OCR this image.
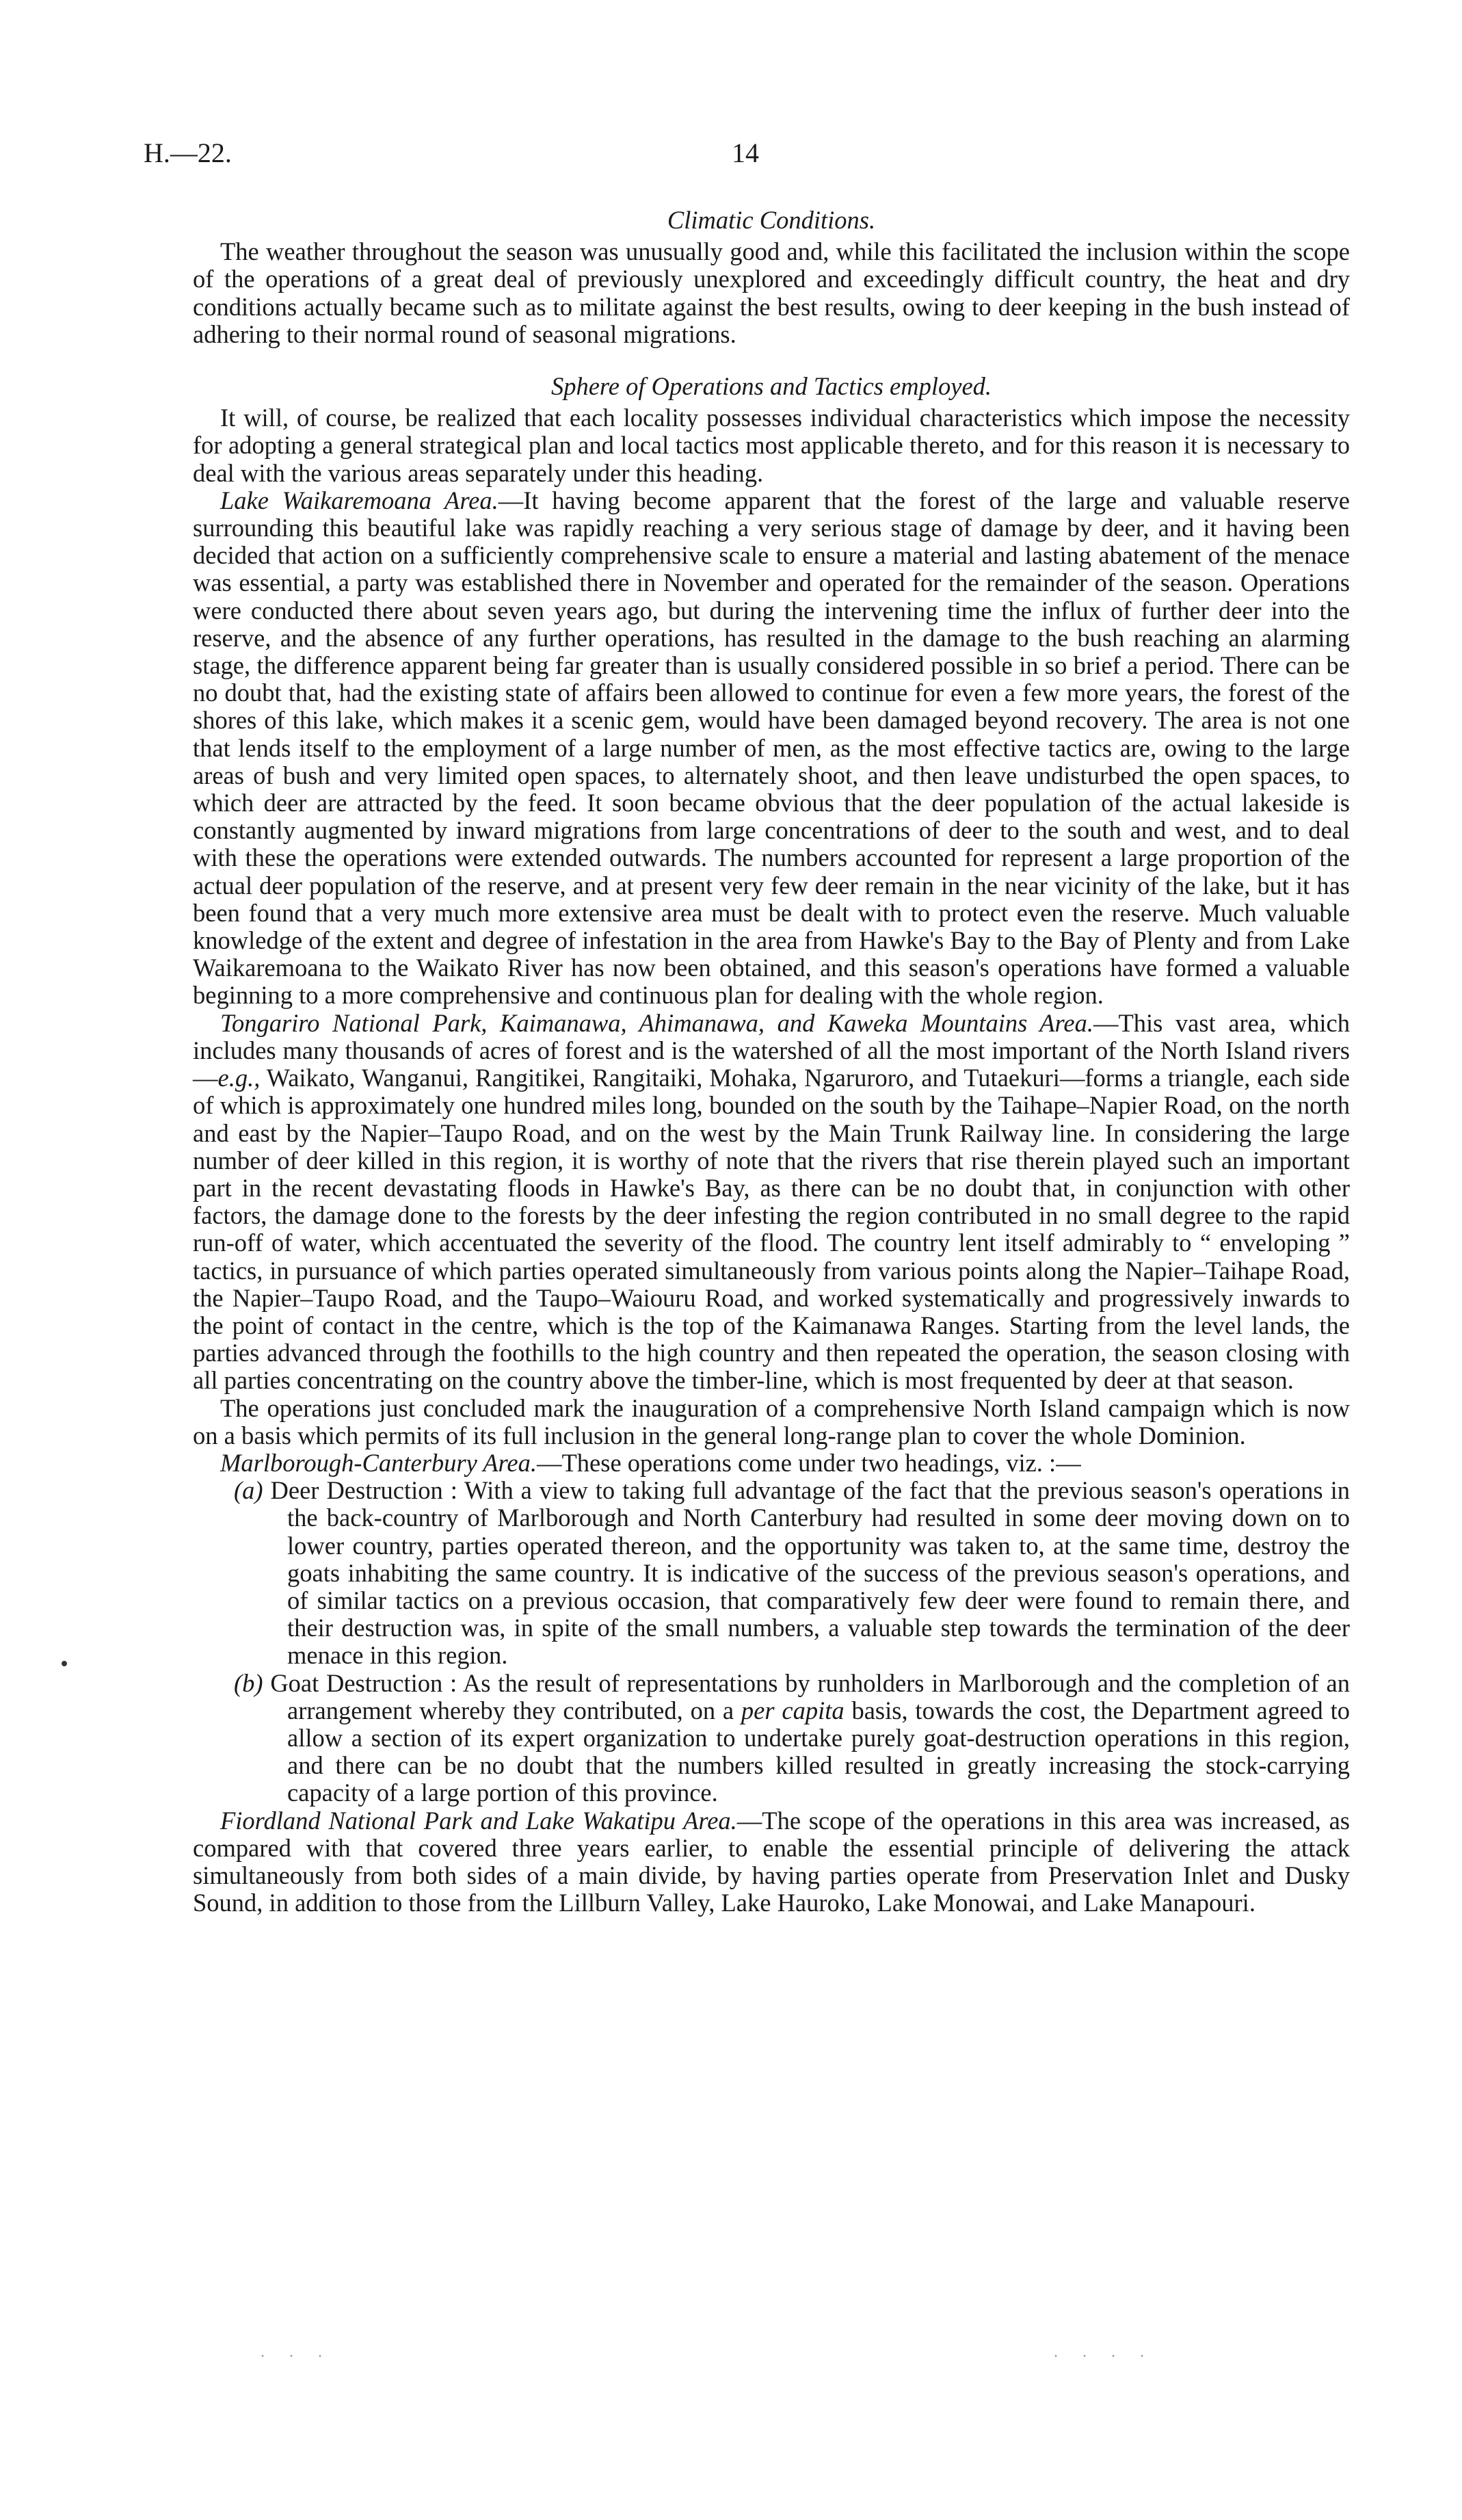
H.—22.	14
Climatic Conditions.

The weather throughout the season was unusually good and, while this facilitated the inclusion within the scope of the operations of a great deal of previously unexplored and exceedingly difficult country, the heat and dry conditions actually became such as to militate against the best results, owing to deer keeping in the bush instead of adhering to their normal round of seasonal migrations.

Sphere of Operations and Tactics employed.

It will, of course, be realized that each locality possesses individual characteristics which impose the necessity for adopting a general strategical plan and local tactics most applicable thereto, and for this reason it is necessary to deal with the various areas separately under this heading.

Lake Waikaremoana Area.—It having become apparent that the forest of the large and valuable reserve surrounding this beautiful lake was rapidly reaching a very serious stage of damage by deer, and it having been decided that action on a sufficiently comprehensive scale to ensure a material and lasting abatement of the menace was essential, a party was established there in November and operated for the remainder of the season. Operations were conducted there about seven years ago, but during the intervening time the influx of further deer into the reserve, and the absence of any further operations, has resulted in the damage to the bush reaching an alarming stage, the difference apparent being far greater than is usually considered possible in so brief a period. There can be no doubt that, had the existing state of affairs been allowed to continue for even a few more years, the forest of the shores of this lake, which makes it a scenic gem, would have been damaged beyond recovery. The area is not one that lends itself to the employment of a large number of men, as the most effective tactics are, owing to the large areas of bush and very limited open spaces, to alternately shoot, and then leave undisturbed the open spaces, to which deer are attracted by the feed. It soon became obvious that the deer population of the actual lakeside is constantly augmented by inward migrations from large concentrations of deer to the south and west, and to deal with these the operations were extended outwards. The numbers accounted for represent a large proportion of the actual deer population of the reserve, and at present very few deer remain in the near vicinity of the lake, but it has been found that a very much more extensive area must be dealt with to protect even the reserve. Much valuable knowledge of the extent and degree of infestation in the area from Hawke's Bay to the Bay of Plenty and from Lake Waikaremoana to the Waikato River has now been obtained, and this season's operations have formed a valuable beginning to a more comprehensive and continuous plan for dealing with the whole region.

Tongariro National Park, Kaimanawa, Ahimanawa, and Kaweka Mountains Area.—This vast area, which includes many thousands of acres of forest and is the watershed of all the most important of the North Island rivers—e.g., Waikato, Wanganui, Rangitikei, Rangitaiki, Mohaka, Ngaruroro, and Tutaekuri—forms a triangle, each side of which is approximately one hundred miles long, bounded on the south by the Taihape–Napier Road, on the north and east by the Napier–Taupo Road, and on the west by the Main Trunk Railway line. In considering the large number of deer killed in this region, it is worthy of note that the rivers that rise therein played such an important part in the recent devastating floods in Hawke's Bay, as there can be no doubt that, in conjunction with other factors, the damage done to the forests by the deer infesting the region contributed in no small degree to the rapid run-off of water, which accentuated the severity of the flood. The country lent itself admirably to “ enveloping ” tactics, in pursuance of which parties operated simultaneously from various points along the Napier–Taihape Road, the Napier–Taupo Road, and the Taupo–Waiouru Road, and worked systematically and progressively inwards to the point of contact in the centre, which is the top of the Kaimanawa Ranges. Starting from the level lands, the parties advanced through the foothills to the high country and then repeated the operation, the season closing with all parties concentrating on the country above the timber-line, which is most frequented by deer at that season.

The operations just concluded mark the inauguration of a comprehensive North Island campaign which is now on a basis which permits of its full inclusion in the general long-range plan to cover the whole Dominion.

Marlborough-Canterbury Area.—These operations come under two headings, viz. :—

(a) Deer Destruction : With a view to taking full advantage of the fact that the previous season's operations in the back-country of Marlborough and North Canterbury had resulted in some deer moving down on to lower country, parties operated thereon, and the opportunity was taken to, at the same time, destroy the goats inhabiting the same country. It is indicative of the success of the previous season's operations, and of similar tactics on a previous occasion, that comparatively few deer were found to remain there, and their destruction was, in spite of the small numbers, a valuable step towards the termination of the deer menace in this region.

(b) Goat Destruction : As the result of representations by runholders in Marlborough and the completion of an arrangement whereby they contributed, on a per capita basis, towards the cost, the Department agreed to allow a section of its expert organization to undertake purely goat-destruction operations in this region, and there can be no doubt that the numbers killed resulted in greatly increasing the stock-carrying capacity of a large portion of this province.

Fiordland National Park and Lake Wakatipu Area.—The scope of the operations in this area was increased, as compared with that covered three years earlier, to enable the essential principle of delivering the attack simultaneously from both sides of a main divide, by having parties operate from Preservation Inlet and Dusky Sound, in addition to those from the Lillburn Valley, Lake Hauroko, Lake Monowai, and Lake Manapouri.

· · ·	· · · ·
